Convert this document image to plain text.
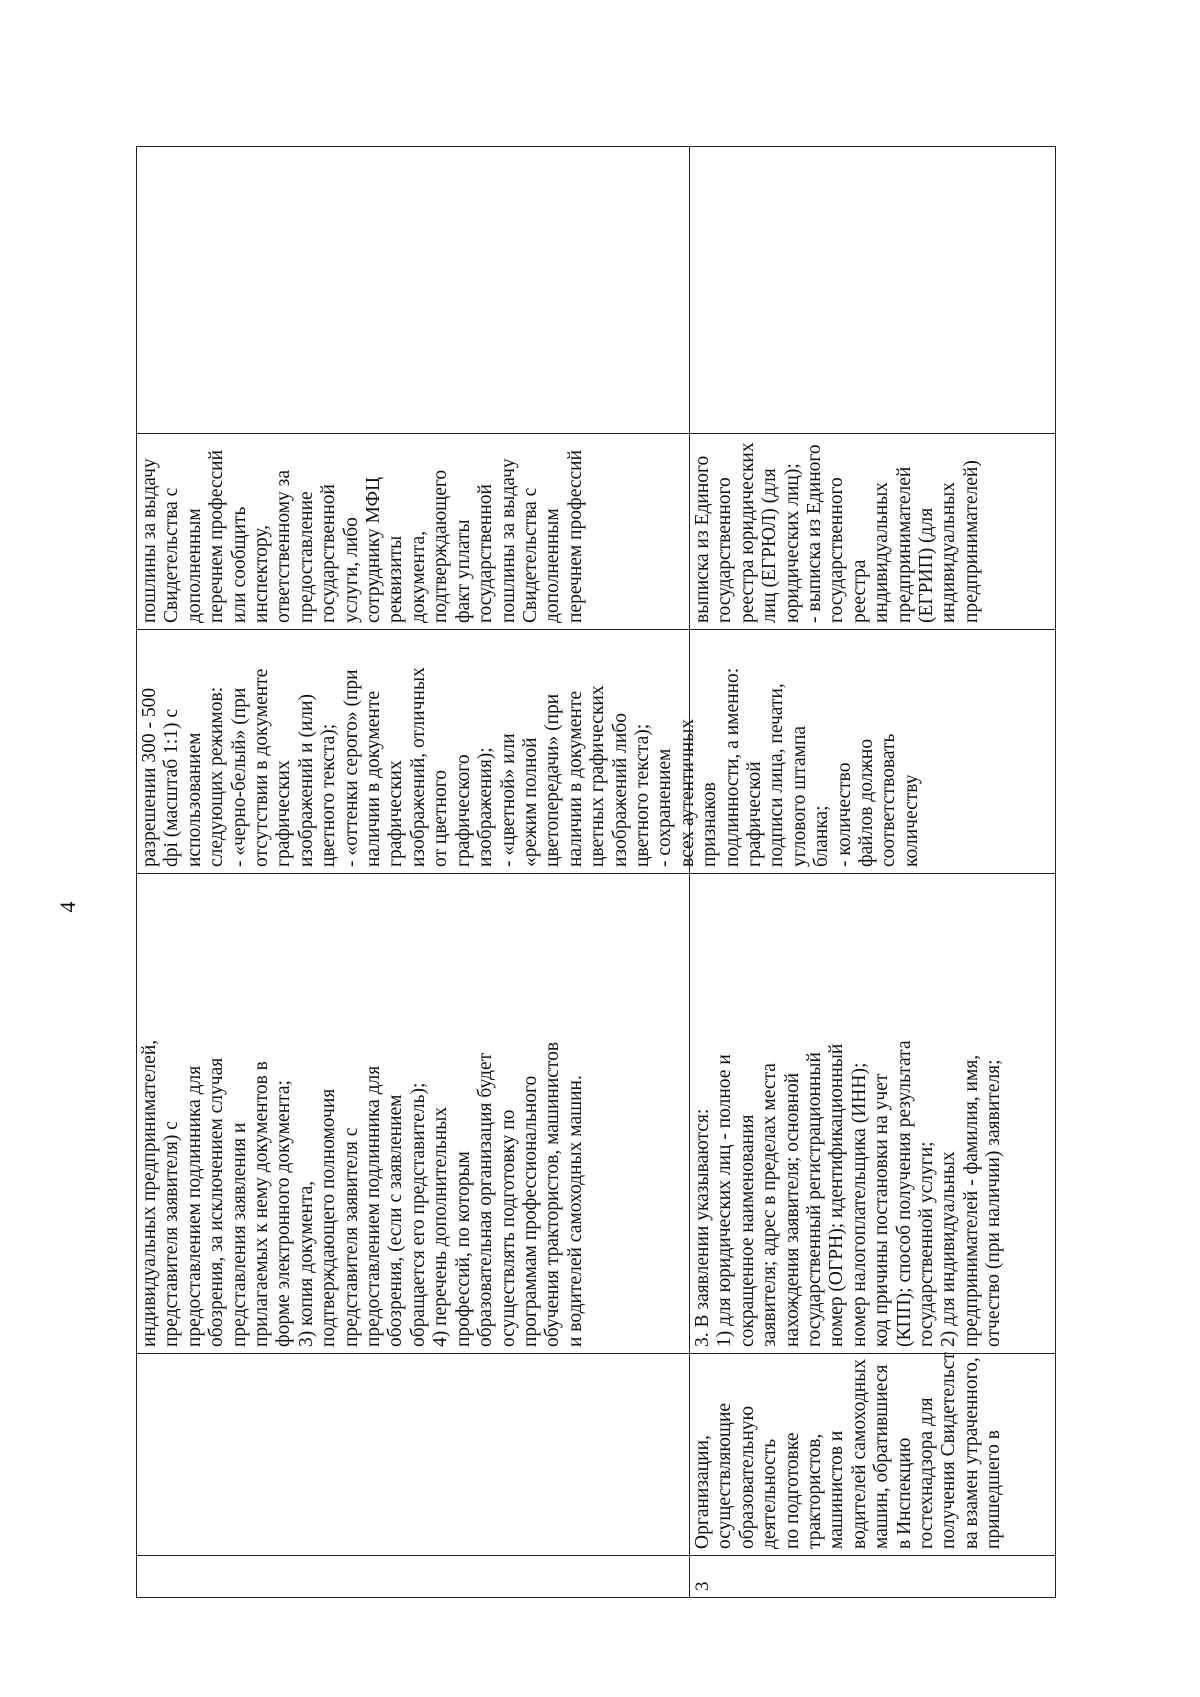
4
индивидуальных предпринимателей, представителя заявителя) с предоставлением подлинника для обозрения, за исключением случая представления заявления и прилагаемых к нему документов в форме электронного документа; 3) копия документа, подтверждающего полномочия представителя заявителя с предоставлением подлинника для обозрения, (если с заявлением обращается его представитель); 4) перечень дополнительных профессий, по которым образовательная организация будет осуществлять подготовку по программам профессионального обучения трактористов, машинистов и водителей самоходных машин.
разрешении 300 - 500 dpi (масштаб 1:1) с использованием следующих режимов: - «черно-белый» (при отсутствии в документе графических изображений и (или) цветного текста); - «оттенки серого» (при наличии в документе графических изображений, отличных от цветного графического изображения); - «цветной» или «режим полной цветопередачи» (при наличии в документе цветных графических изображений либо цветного текста); - сохранением всех аутентичных признаков подлинности, а именно: графической подписи лица, печати, углового штампа бланка; - количество файлов должно соответствовать количеству
пошлины за выдачу Свидетельства с дополненным перечнем профессий или сообщить инспектору, ответственному за предоставление государственной услуги, либо сотруднику МФЦ реквизиты документа, подтверждающего факт уплаты государственной пошлины за выдачу Свидетельства с дополненным перечнем профессий
3
Организации, осуществляющие образовательную деятельность по подготовке трактористов, машинистов и водителей самоходных машин, обратившиеся в Инспекцию гостехнадзора для получения Свидетельст ва взамен утраченного, пришедшего в
3. В заявлении указываются: 1) для юридических лиц - полное и сокращенное наименования заявителя; адрес в пределах места нахождения заявителя; основной государственный регистрационный номер (ОГРН); идентификационный номер налогоплательщика (ИНН); код причины постановки на учет (КПП); способ получения результата государственной услуги; 2) для индивидуальных предпринимателей - фамилия, имя, отчество (при наличии) заявителя;
выписка из Единого государственного реестра юридических лиц (ЕГРЮЛ) (для юридических лиц); - выписка из Единого государственного реестра индивидуальных предпринимателей (ЕГРИП) (для индивидуальных предпринимателей)
